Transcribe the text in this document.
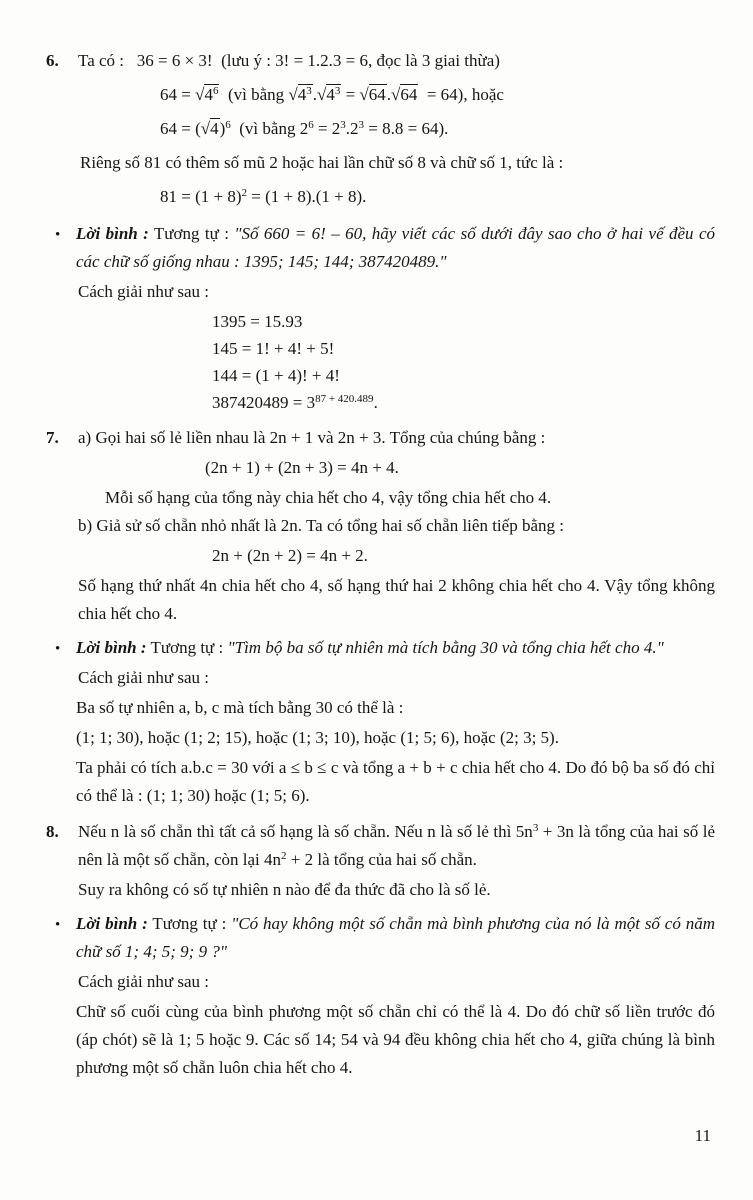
6.	Ta có :   36 = 6 × 3!  (lưu ý : 3! = 1.2.3 = 6, đọc là 3 giai thừa)
$64 = √4^6$  (vì bằng $√4^3.√4^3 = √64.√64 = 64$), hoặc
$64 = (√4)^6$  (vì bằng $2^6 = 2^3.2^3 = 8.8 = 64$).
Riêng số 81 có thêm số mũ 2 hoặc hai lần chữ số 8 và chữ số 1, tức là :
$81 = (1 + 8)^2 = (1 + 8).(1 + 8)$.
• Lời bình : Tương tự : "Số 660 = 6! – 60, hãy viết các số dưới đây sao cho ở hai vế đều có các chữ số giống nhau : 1395; 145; 144; 387420489."

Cách giải như sau :
1395 = 15.93
145 = 1! + 4! + 5!
144 = (1 + 4)! + 4!
$387420489 = 3^{87 + 420.489}$.
7.	a) Gọi hai số lẻ liền nhau là 2n + 1 và 2n + 3. Tổng của chúng bằng :
(2n + 1) + (2n + 3) = 4n + 4.
Mỗi số hạng của tổng này chia hết cho 4, vậy tổng chia hết cho 4.
b) Giả sử số chẵn nhỏ nhất là 2n. Ta có tổng hai số chẵn liên tiếp bằng :
2n + (2n + 2) = 4n + 2.
Số hạng thứ nhất 4n chia hết cho 4, số hạng thứ hai 2 không chia hết cho 4. Vậy tổng không chia hết cho 4.
• Lời bình : Tương tự : "Tìm bộ ba số tự nhiên mà tích bằng 30 và tổng chia hết cho 4."

Cách giải như sau :
Ba số tự nhiên a, b, c mà tích bằng 30 có thể là :
(1; 1; 30), hoặc (1; 2; 15), hoặc (1; 3; 10), hoặc (1; 5; 6), hoặc (2; 3; 5).
Ta phải có tích a.b.c = 30 với a ≤ b ≤ c và tổng a + b + c chia hết cho 4. Do đó bộ ba số đó chỉ có thể là : (1; 1; 30) hoặc (1; 5; 6).
8.	Nếu n là số chẵn thì tất cả số hạng là số chẵn. Nếu n là số lẻ thì $5n^3 + 3n$ là tổng của hai số lẻ nên là một số chẵn, còn lại $4n^2 + 2$ là tổng của hai số chẵn.
Suy ra không có số tự nhiên n nào để đa thức đã cho là số lẻ.
• Lời bình : Tương tự : "Có hay không một số chẵn mà bình phương của nó là một số có năm chữ số 1; 4; 5; 9; 9 ?"

Cách giải như sau :
Chữ số cuối cùng của bình phương một số chẵn chỉ có thể là 4. Do đó chữ số liền trước đó (áp chót) sẽ là 1; 5 hoặc 9. Các số 14; 54 và 94 đều không chia hết cho 4, giữa chúng là bình phương một số chẵn luôn chia hết cho 4.
11
